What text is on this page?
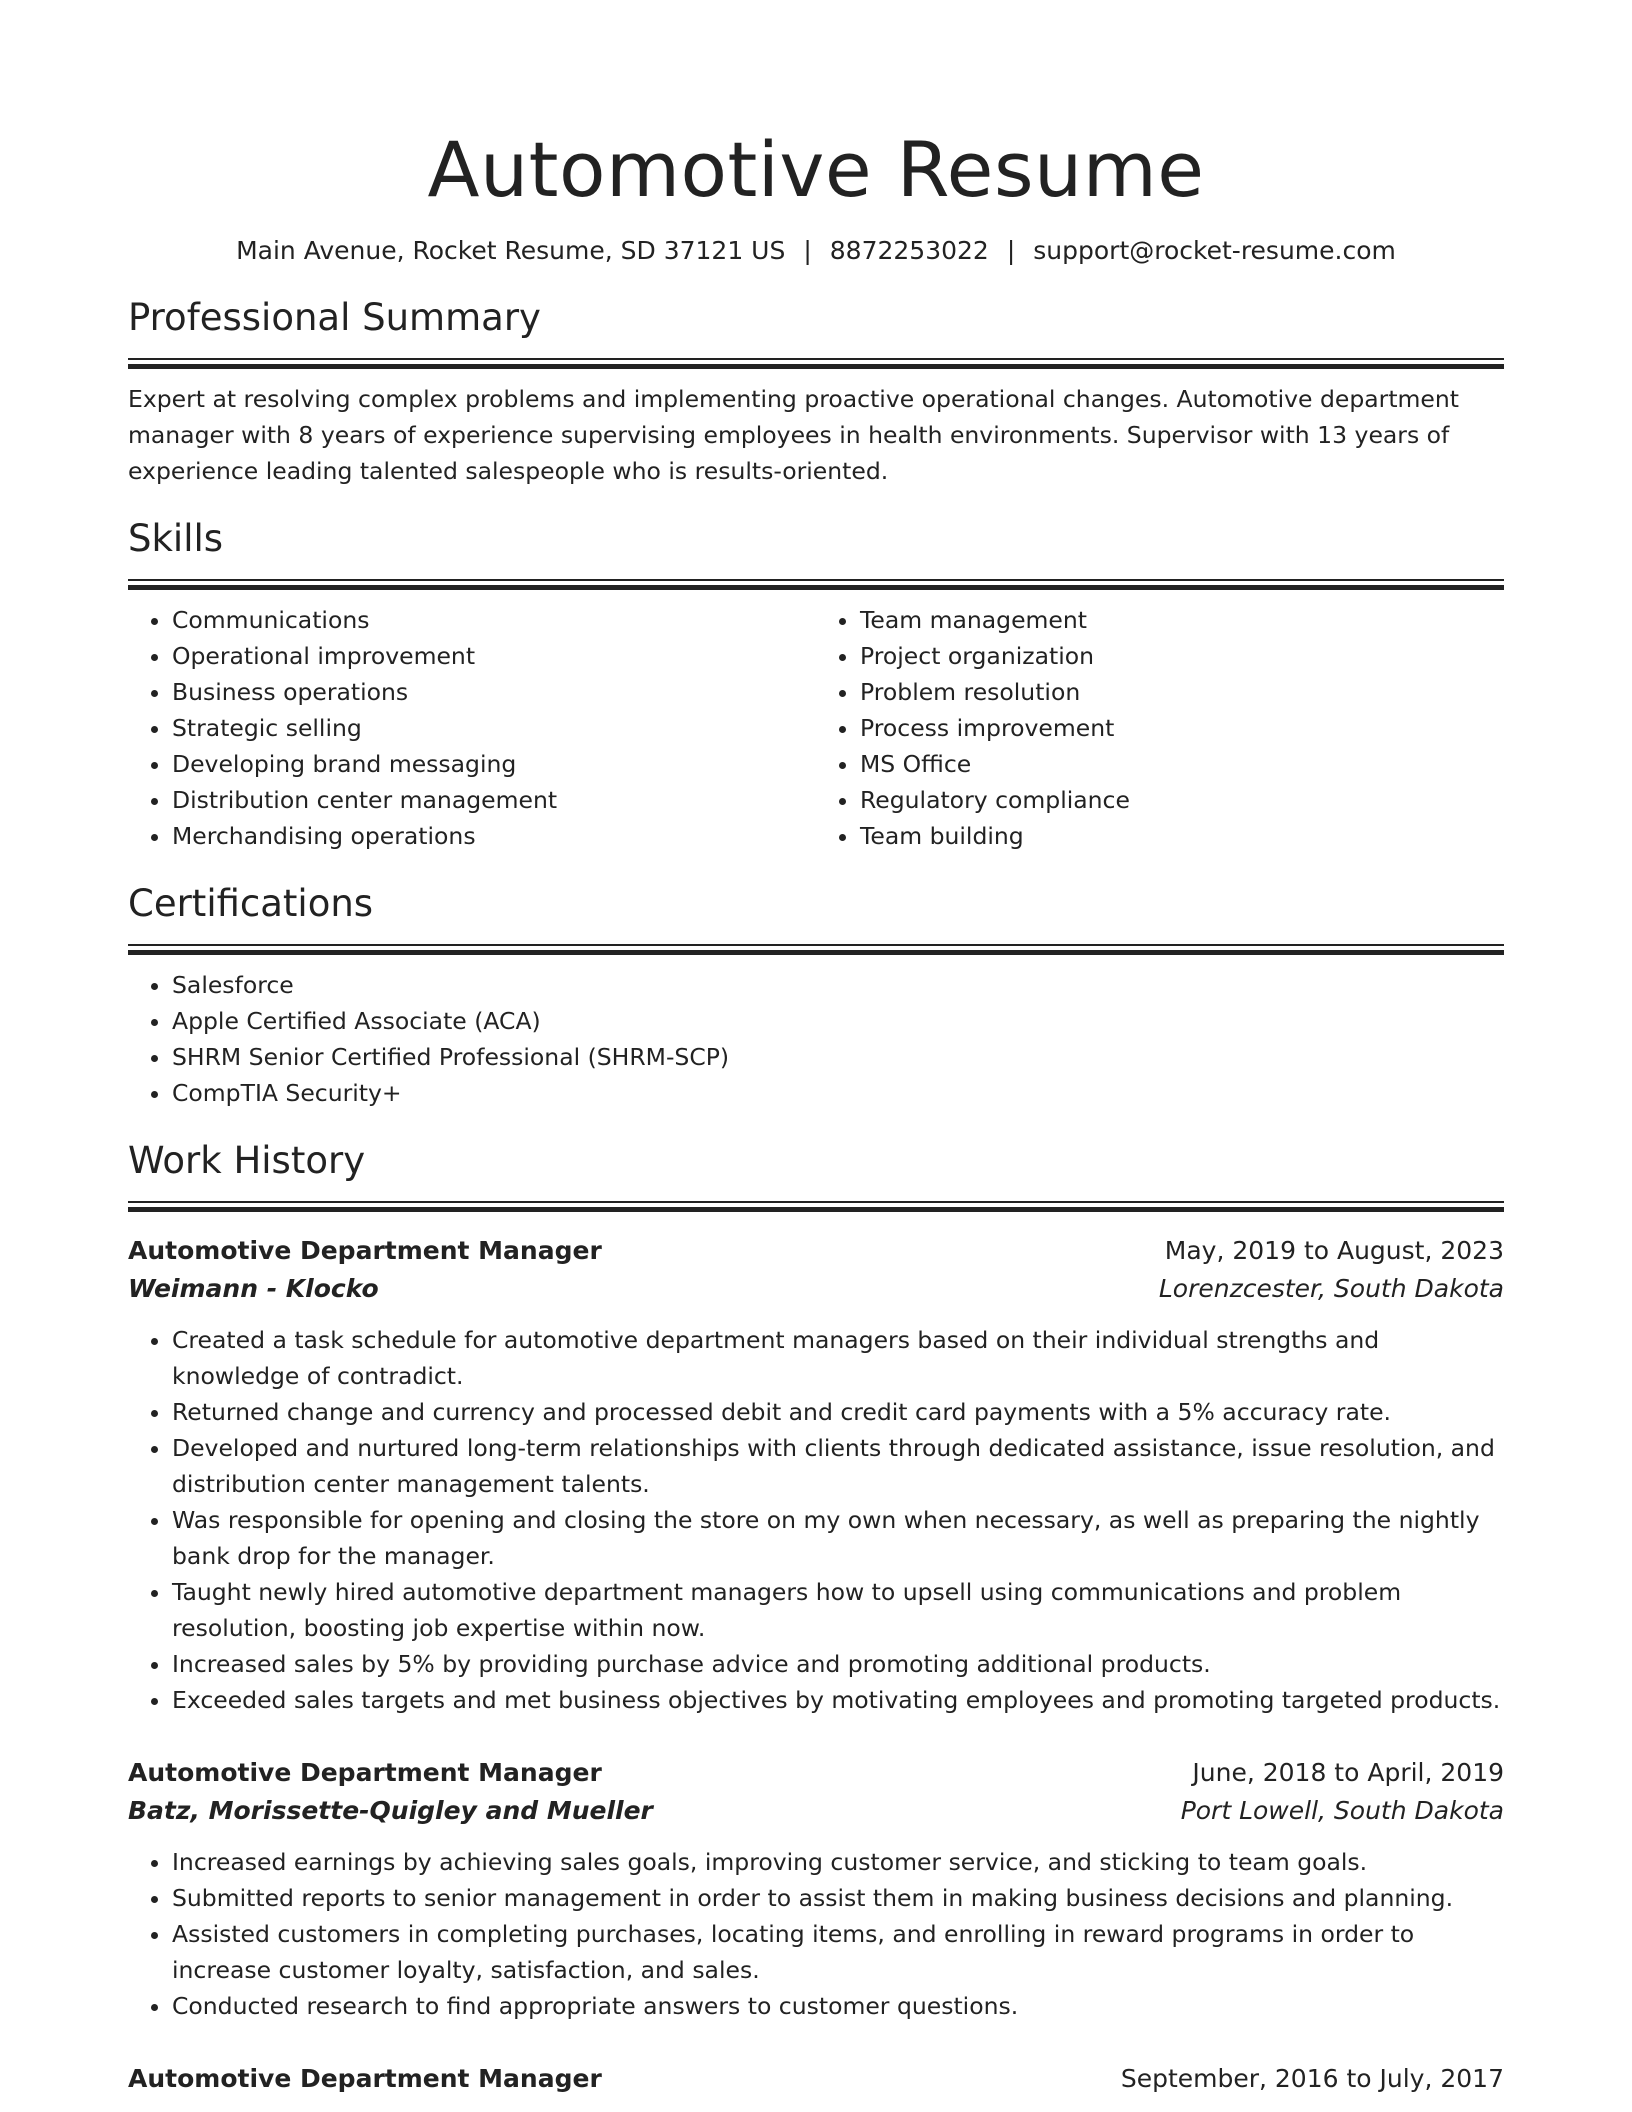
Automotive Resume
Main Avenue, Rocket Resume, SD 37121 US | 8872253022 | support@rocket-resume.com
Professional Summary
Expert at resolving complex problems and implementing proactive operational changes. Automotive department manager with 8 years of experience supervising employees in health environments. Supervisor with 13 years of experience leading talented salespeople who is results-oriented.
Skills
• Communications
• Operational improvement
• Business operations
• Strategic selling
• Developing brand messaging
• Distribution center management
• Merchandising operations
• Team management
• Project organization
• Problem resolution
• Process improvement
• MS Office
• Regulatory compliance
• Team building
Certifications
• Salesforce
• Apple Certified Associate (ACA)
• SHRM Senior Certified Professional (SHRM-SCP)
• CompTIA Security+
Work History
Automotive Department Manager	May, 2019 to August, 2023
Weimann - Klocko	Lorenzcester, South Dakota
• Created a task schedule for automotive department managers based on their individual strengths and knowledge of contradict.
• Returned change and currency and processed debit and credit card payments with a 5% accuracy rate.
• Developed and nurtured long-term relationships with clients through dedicated assistance, issue resolution, and distribution center management talents.
• Was responsible for opening and closing the store on my own when necessary, as well as preparing the nightly bank drop for the manager.
• Taught newly hired automotive department managers how to upsell using communications and problem resolution, boosting job expertise within now.
• Increased sales by 5% by providing purchase advice and promoting additional products.
• Exceeded sales targets and met business objectives by motivating employees and promoting targeted products.
Automotive Department Manager	June, 2018 to April, 2019
Batz, Morissette-Quigley and Mueller	Port Lowell, South Dakota
• Increased earnings by achieving sales goals, improving customer service, and sticking to team goals.
• Submitted reports to senior management in order to assist them in making business decisions and planning.
• Assisted customers in completing purchases, locating items, and enrolling in reward programs in order to increase customer loyalty, satisfaction, and sales.
• Conducted research to find appropriate answers to customer questions.
Automotive Department Manager	September, 2016 to July, 2017
